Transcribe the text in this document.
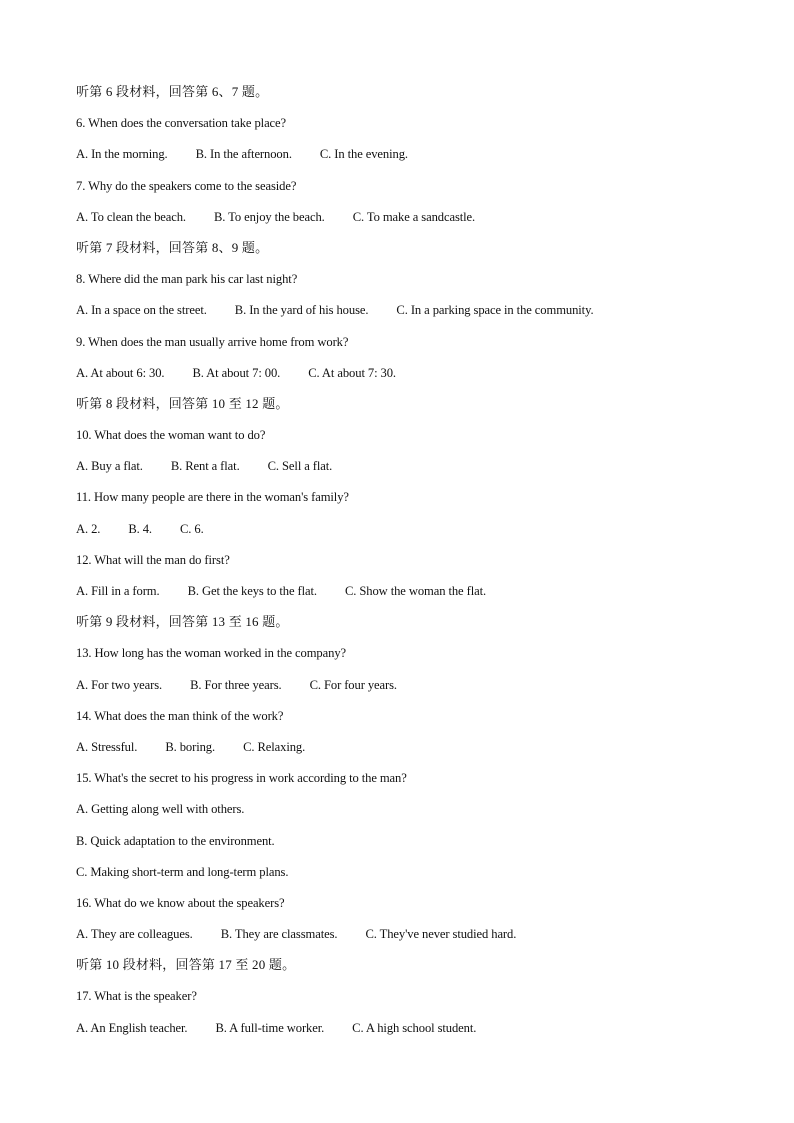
听第 6 段材料，回答第 6、7 题。
6. When does the conversation take place?
A. In the morning. B. In the afternoon. C. In the evening.
7. Why do the speakers come to the seaside?
A. To clean the beach. B. To enjoy the beach. C. To make a sandcastle.
听第 7 段材料，回答第 8、9 题。
8. Where did the man park his car last night?
A. In a space on the street. B. In the yard of his house. C. In a parking space in the community.
9. When does the man usually arrive home from work?
A. At about 6: 30. B. At about 7: 00. C. At about 7: 30.
听第 8 段材料，回答第 10 至 12 题。
10. What does the woman want to do?
A. Buy a flat. B. Rent a flat. C. Sell a flat.
11. How many people are there in the woman's family?
A. 2. B. 4. C. 6.
12. What will the man do first?
A. Fill in a form. B. Get the keys to the flat. C. Show the woman the flat.
听第 9 段材料，回答第 13 至 16 题。
13. How long has the woman worked in the company?
A. For two years. B. For three years. C. For four years.
14. What does the man think of the work?
A. Stressful. B. boring. C. Relaxing.
15. What's the secret to his progress in work according to the man?
A. Getting along well with others.
B. Quick adaptation to the environment.
C. Making short-term and long-term plans.
16. What do we know about the speakers?
A. They are colleagues. B. They are classmates. C. They've never studied hard.
听第 10 段材料，回答第 17 至 20 题。
17. What is the speaker?
A. An English teacher. B. A full-time worker. C. A high school student.
